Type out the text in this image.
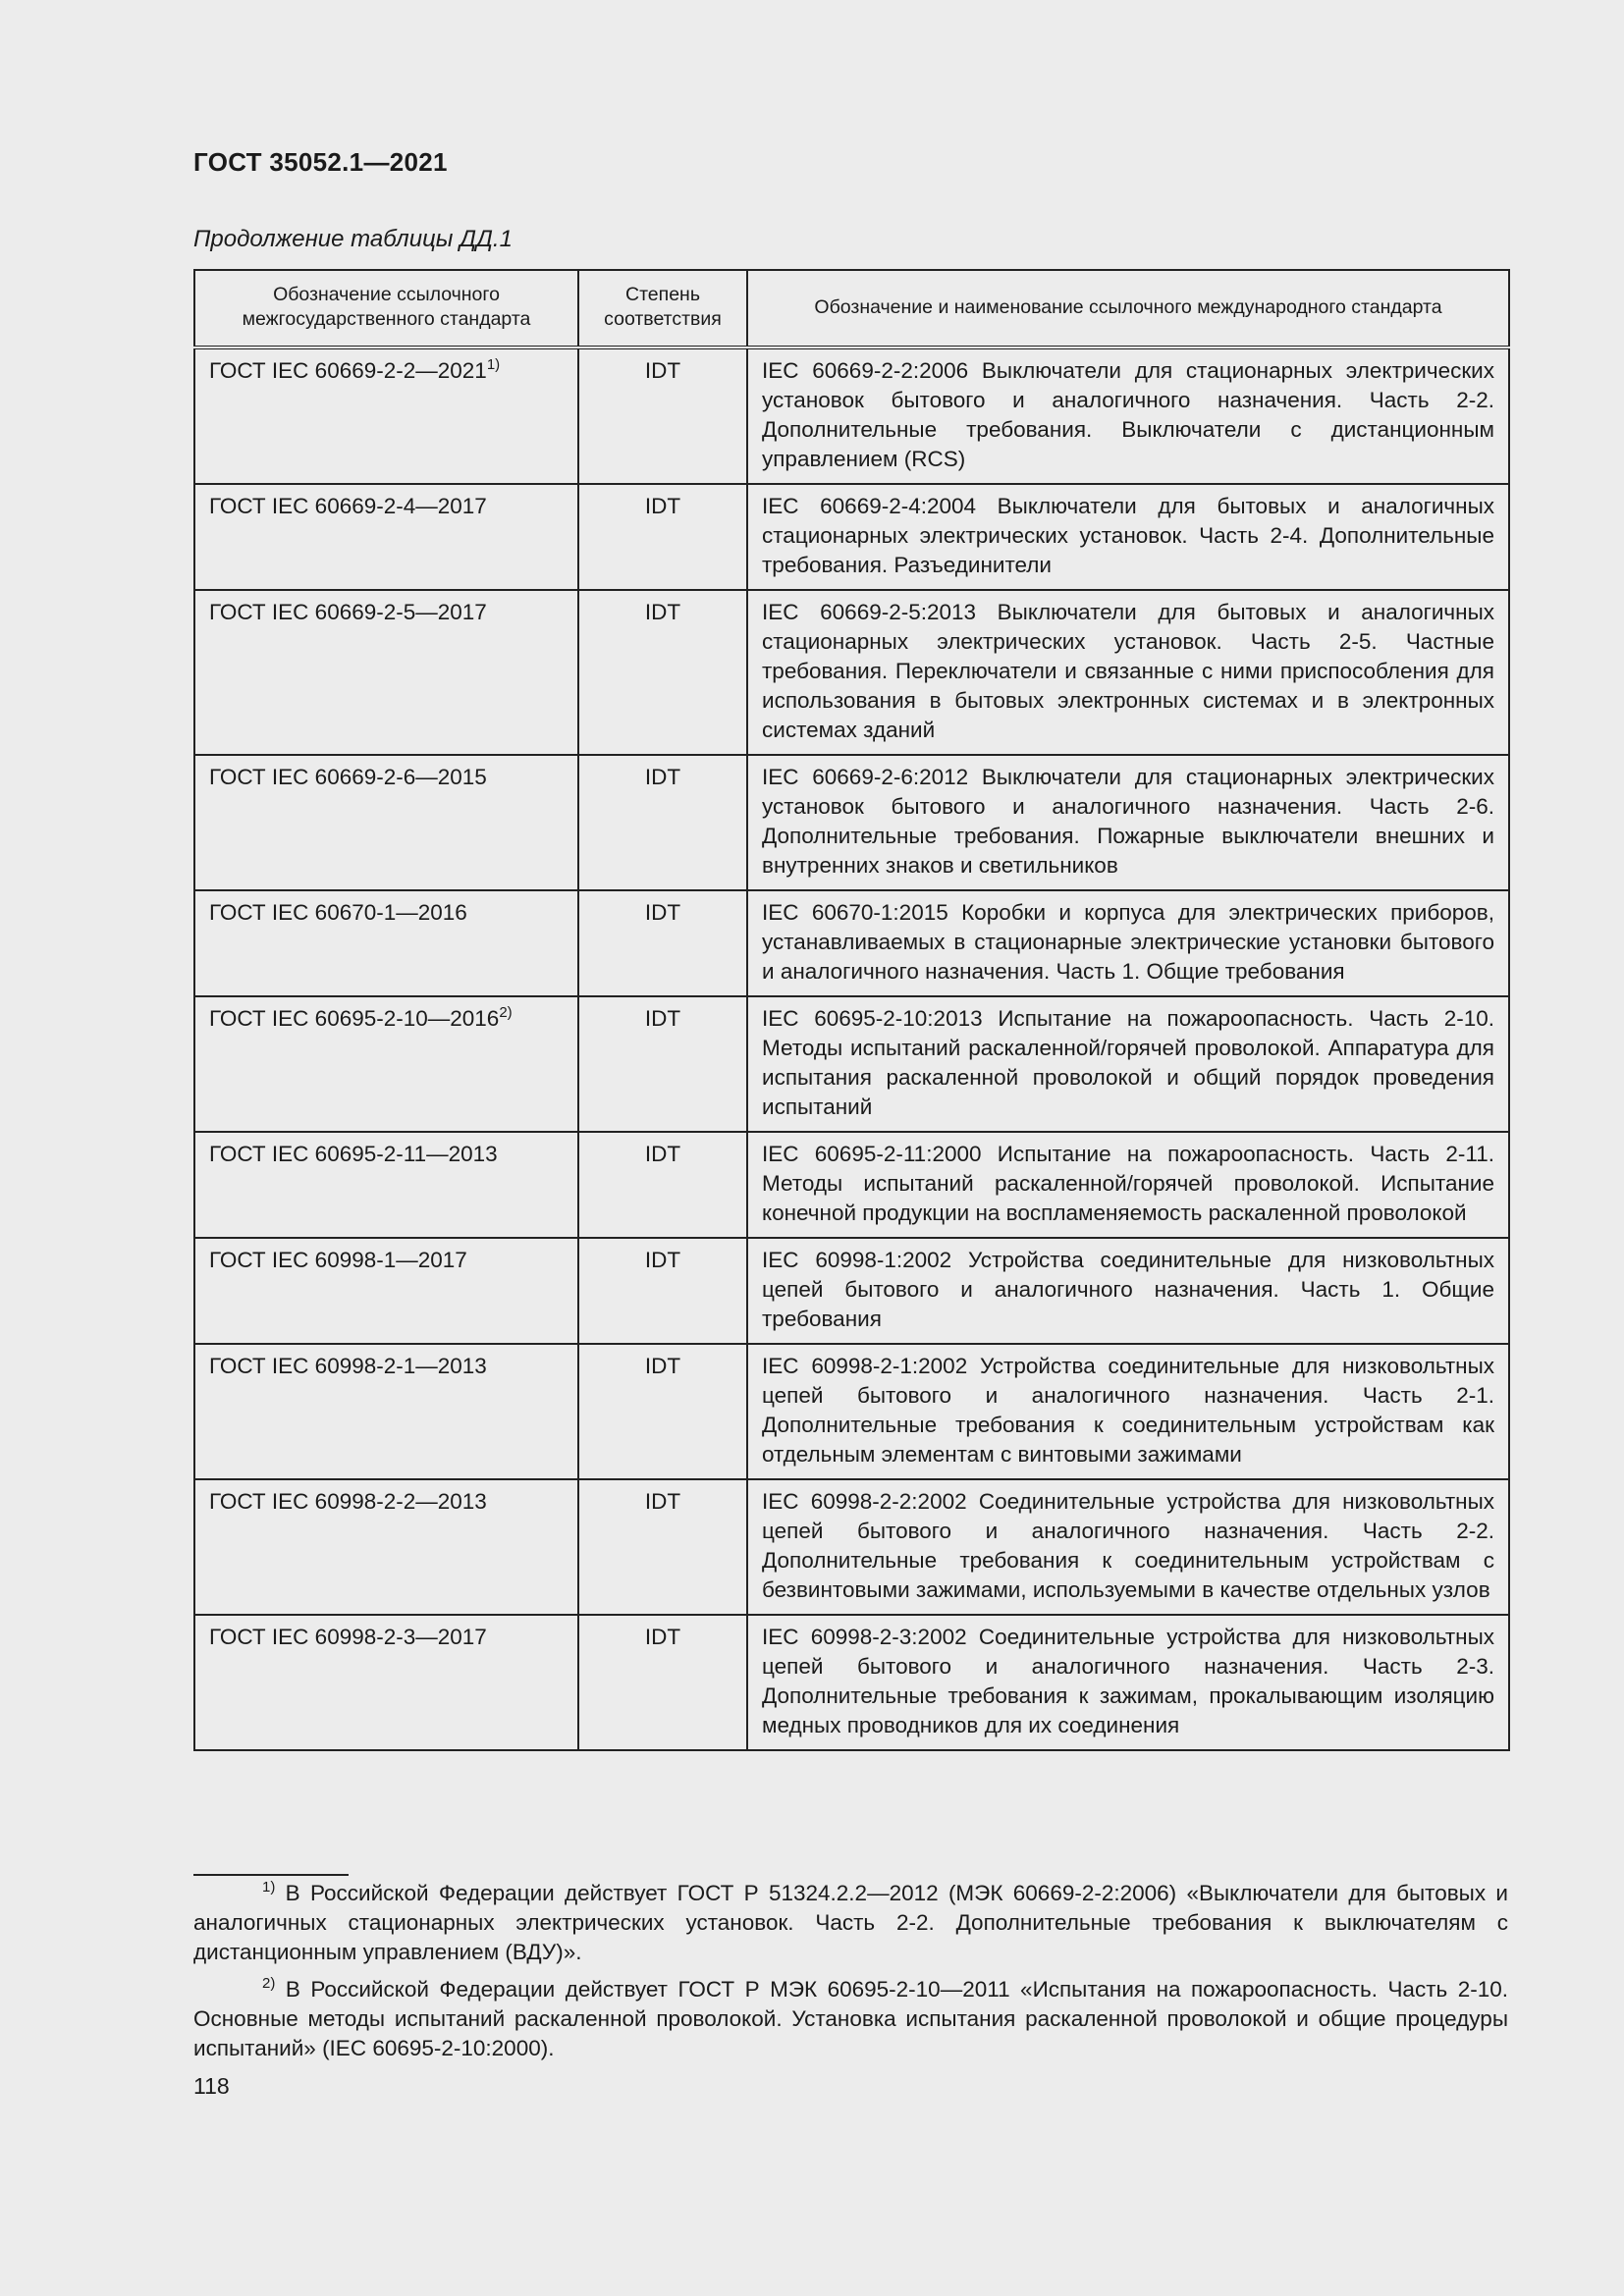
ГОСТ 35052.1—2021
Продолжение таблицы ДД.1
Обозначение ссылочного межгосударственного стандарта	Степень соответствия	Обозначение и наименование ссылочного международного стандарта
ГОСТ IEC 60669-2-2—2021$^{1)}$	IDT	IEC 60669-2-2:2006 Выключатели для стационарных электрических установок бытового и аналогичного назначения. Часть 2-2. Дополнительные требования. Выключатели с дистанционным управлением (RCS)
ГОСТ IEC 60669-2-4—2017	IDT	IEC 60669-2-4:2004 Выключатели для бытовых и аналогичных стационарных электрических установок. Часть 2-4. Дополнительные требования. Разъединители
ГОСТ IEC 60669-2-5—2017	IDT	IEC 60669-2-5:2013 Выключатели для бытовых и аналогичных стационарных электрических установок. Часть 2-5. Частные требования. Переключатели и связанные с ними приспособления для использования в бытовых электронных системах и в электронных системах зданий
ГОСТ IEC 60669-2-6—2015	IDT	IEC 60669-2-6:2012 Выключатели для стационарных электрических установок бытового и аналогичного назначения. Часть 2-6. Дополнительные требования. Пожарные выключатели внешних и внутренних знаков и светильников
ГОСТ IEC 60670-1—2016	IDT	IEC 60670-1:2015 Коробки и корпуса для электрических приборов, устанавливаемых в стационарные электрические установки бытового и аналогичного назначения. Часть 1. Общие требования
ГОСТ IEC 60695-2-10—2016$^{2)}$	IDT	IEC 60695-2-10:2013 Испытание на пожароопасность. Часть 2-10. Методы испытаний раскаленной/горячей проволокой. Аппаратура для испытания раскаленной проволокой и общий порядок проведения испытаний
ГОСТ IEC 60695-2-11—2013	IDT	IEC 60695-2-11:2000 Испытание на пожароопасность. Часть 2-11. Методы испытаний раскаленной/горячей проволокой. Испытание конечной продукции на воспламеняемость раскаленной проволокой
ГОСТ IEC 60998-1—2017	IDT	IEC 60998-1:2002 Устройства соединительные для низковольтных цепей бытового и аналогичного назначения. Часть 1. Общие требования
ГОСТ IEC 60998-2-1—2013	IDT	IEC 60998-2-1:2002 Устройства соединительные для низковольтных цепей бытового и аналогичного назначения. Часть 2-1. Дополнительные требования к соединительным устройствам как отдельным элементам с винтовыми зажимами
ГОСТ IEC 60998-2-2—2013	IDT	IEC 60998-2-2:2002 Соединительные устройства для низковольтных цепей бытового и аналогичного назначения. Часть 2-2. Дополнительные требования к соединительным устройствам с безвинтовыми зажимами, используемыми в качестве отдельных узлов
ГОСТ IEC 60998-2-3—2017	IDT	IEC 60998-2-3:2002 Соединительные устройства для низковольтных цепей бытового и аналогичного назначения. Часть 2-3. Дополнительные требования к зажимам, прокалывающим изоляцию медных проводников для их соединения

$^{1)}$ В Российской Федерации действует ГОСТ Р 51324.2.2—2012 (МЭК 60669-2-2:2006) «Выключатели для бытовых и аналогичных стационарных электрических установок. Часть 2-2. Дополнительные требования к выключателям с дистанционным управлением (ВДУ)».

$^{2)}$ В Российской Федерации действует ГОСТ Р МЭК 60695-2-10—2011 «Испытания на пожароопасность. Часть 2-10. Основные методы испытаний раскаленной проволокой. Установка испытания раскаленной проволокой и общие процедуры испытаний» (IEC 60695-2-10:2000).

118
